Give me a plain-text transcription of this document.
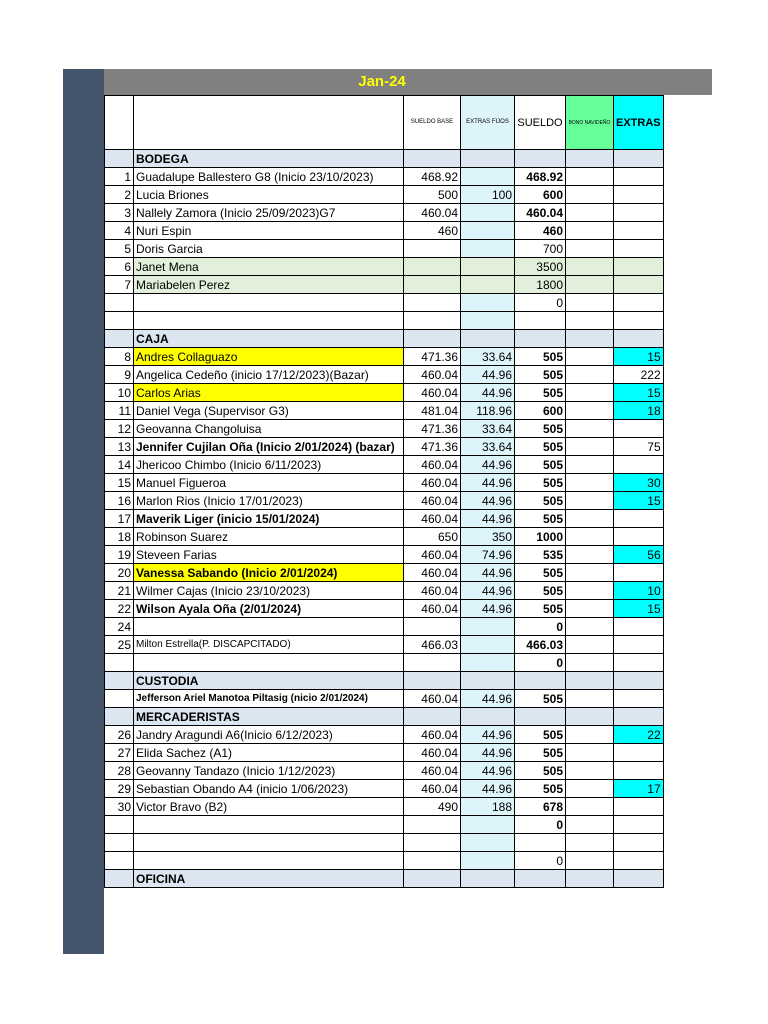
Jan-24
		SUELDO BASE	EXTRAS FIJOS	SUELDO	BONO NAVIDEÑO	EXTRAS
	BODEGA					
1	Guadalupe Ballestero G8 (Inicio 23/10/2023)	468.92		468.92		
2	Lucia Briones	500	100	600		
3	Nallely Zamora (Inicio 25/09/2023)G7	460.04		460.04		
4	Nuri Espin	460		460		
5	Doris Garcia			700		
6	Janet Mena			3500		
7	Mariabelen Perez			1800		
				0		

	CAJA					
8	Andres Collaguazo	471.36	33.64	505		15
9	Angelica Cedeño (inicio 17/12/2023)(Bazar)	460.04	44.96	505		222
10	Carlos Arias	460.04	44.96	505		15
11	Daniel Vega (Supervisor G3)	481.04	118.96	600		18
12	Geovanna Changoluisa	471.36	33.64	505		
13	Jennifer Cujilan Oña (Inicio 2/01/2024) (bazar)	471.36	33.64	505		75
14	Jhericoo Chimbo (Inicio 6/11/2023)	460.04	44.96	505		
15	Manuel Figueroa	460.04	44.96	505		30
16	Marlon Rios (Inicio 17/01/2023)	460.04	44.96	505		15
17	Maverik Liger (inicio 15/01/2024)	460.04	44.96	505		
18	Robinson Suarez	650	350	1000		
19	Steveen Farias	460.04	74.96	535		56
20	Vanessa Sabando (Inicio 2/01/2024)	460.04	44.96	505		
21	Wilmer Cajas (Inicio 23/10/2023)	460.04	44.96	505		10
22	Wilson Ayala Oña (2/01/2024)	460.04	44.96	505		15
24				0		
25	Milton Estrella(P. DISCAPCITADO)	466.03		466.03		
				0		
	CUSTODIA					
	Jefferson Ariel Manotoa Piltasig (nicio 2/01/2024)	460.04	44.96	505		
	MERCADERISTAS					
26	Jandry Aragundi A6(Inicio 6/12/2023)	460.04	44.96	505		22
27	Elida Sachez (A1)	460.04	44.96	505		
28	Geovanny Tandazo (Inicio 1/12/2023)	460.04	44.96	505		
29	Sebastian Obando A4 (inicio 1/06/2023)	460.04	44.96	505		17
30	Victor Bravo (B2)	490	188	678		
				0		

				0		
	OFICINA					
